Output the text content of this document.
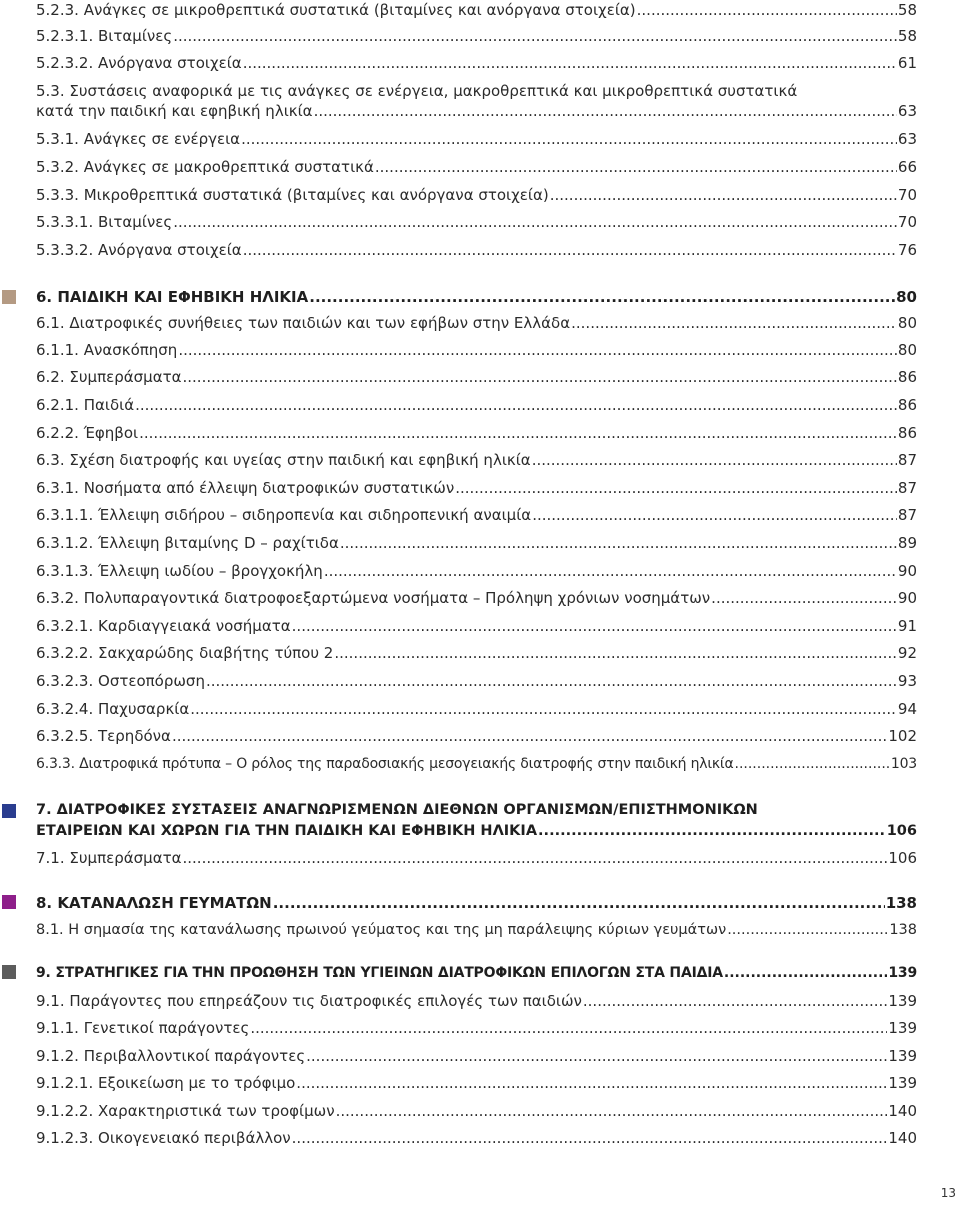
5.2.3. Ανάγκες σε μικροθρεπτικά συστατικά (βιταμίνες και ανόργανα στοιχεία) .....	58
5.2.3.1. Βιταμίνες .....	58
5.2.3.2. Ανόργανα στοιχεία .....	61
5.3. Συστάσεις αναφορικά με τις ανάγκες σε ενέργεια, μακροθρεπτικά και μικροθρεπτικά συστατικά
κατά την παιδική και εφηβική ηλικία .....	63
5.3.1. Ανάγκες σε ενέργεια .....	63
5.3.2. Ανάγκες σε μακροθρεπτικά συστατικά .....	66
5.3.3. Μικροθρεπτικά συστατικά (βιταμίνες και ανόργανα στοιχεία) .....	70
5.3.3.1. Βιταμίνες .....	70
5.3.3.2. Ανόργανα στοιχεία .....	76
6. ΠΑΙΔΙΚΗ ΚΑΙ ΕΦΗΒΙΚΗ ΗΛΙΚΙΑ .....	80
6.1. Διατροφικές συνήθειες των παιδιών και των εφήβων στην Ελλάδα .....	80
6.1.1. Ανασκόπηση .....	80
6.2. Συμπεράσματα .....	86
6.2.1. Παιδιά .....	86
6.2.2. Έφηβοι .....	86
6.3. Σχέση διατροφής και υγείας στην παιδική και εφηβική ηλικία .....	87
6.3.1. Νοσήματα από έλλειψη διατροφικών συστατικών .....	87
6.3.1.1. Έλλειψη σιδήρου – σιδηροπενία και σιδηροπενική αναιμία .....	87
6.3.1.2. Έλλειψη βιταμίνης D – ραχίτιδα .....	89
6.3.1.3. Έλλειψη ιωδίου – βρογχοκήλη .....	90
6.3.2. Πολυπαραγοντικά διατροφοεξαρτώμενα νοσήματα – Πρόληψη χρόνιων νοσημάτων .....	90
6.3.2.1. Καρδιαγγειακά νοσήματα .....	91
6.3.2.2. Σακχαρώδης διαβήτης τύπου 2 .....	92
6.3.2.3. Οστεοπόρωση .....	93
6.3.2.4. Παχυσαρκία .....	94
6.3.2.5. Τερηδόνα .....	102
6.3.3. Διατροφικά πρότυπα – Ο ρόλος της παραδοσιακής μεσογειακής διατροφής στην παιδική ηλικία .....	103
7. ΔΙΑΤΡΟΦΙΚΕΣ ΣΥΣΤΑΣΕΙΣ ΑΝΑΓΝΩΡΙΣΜΕΝΩΝ ΔΙΕΘΝΩΝ ΟΡΓΑΝΙΣΜΩΝ/ΕΠΙΣΤΗΜΟΝΙΚΩΝ
ΕΤΑΙΡΕΙΩΝ ΚΑΙ ΧΩΡΩΝ ΓΙΑ ΤΗΝ ΠΑΙΔΙΚΗ ΚΑΙ ΕΦΗΒΙΚΗ ΗΛΙΚΙΑ .....	106
7.1. Συμπεράσματα .....	106
8. ΚΑΤΑΝΑΛΩΣΗ ΓΕΥΜΑΤΩΝ .....	138
8.1. Η σημασία της κατανάλωσης πρωινού γεύματος και της μη παράλειψης κύριων γευμάτων .....	138
9. ΣΤΡΑΤΗΓΙΚΕΣ ΓΙΑ ΤΗΝ ΠΡΟΩΘΗΣΗ ΤΩΝ ΥΓΙΕΙΝΩΝ ΔΙΑΤΡΟΦΙΚΩΝ ΕΠΙΛΟΓΩΝ ΣΤΑ ΠΑΙΔΙΑ .....	139
9.1. Παράγοντες που επηρεάζουν τις διατροφικές επιλογές των παιδιών .....	139
9.1.1. Γενετικοί παράγοντες .....	139
9.1.2. Περιβαλλοντικοί παράγοντες .....	139
9.1.2.1. Εξοικείωση με το τρόφιμο .....	139
9.1.2.2. Χαρακτηριστικά των τροφίμων .....	140
9.1.2.3. Οικογενειακό περιβάλλον .....	140
13
